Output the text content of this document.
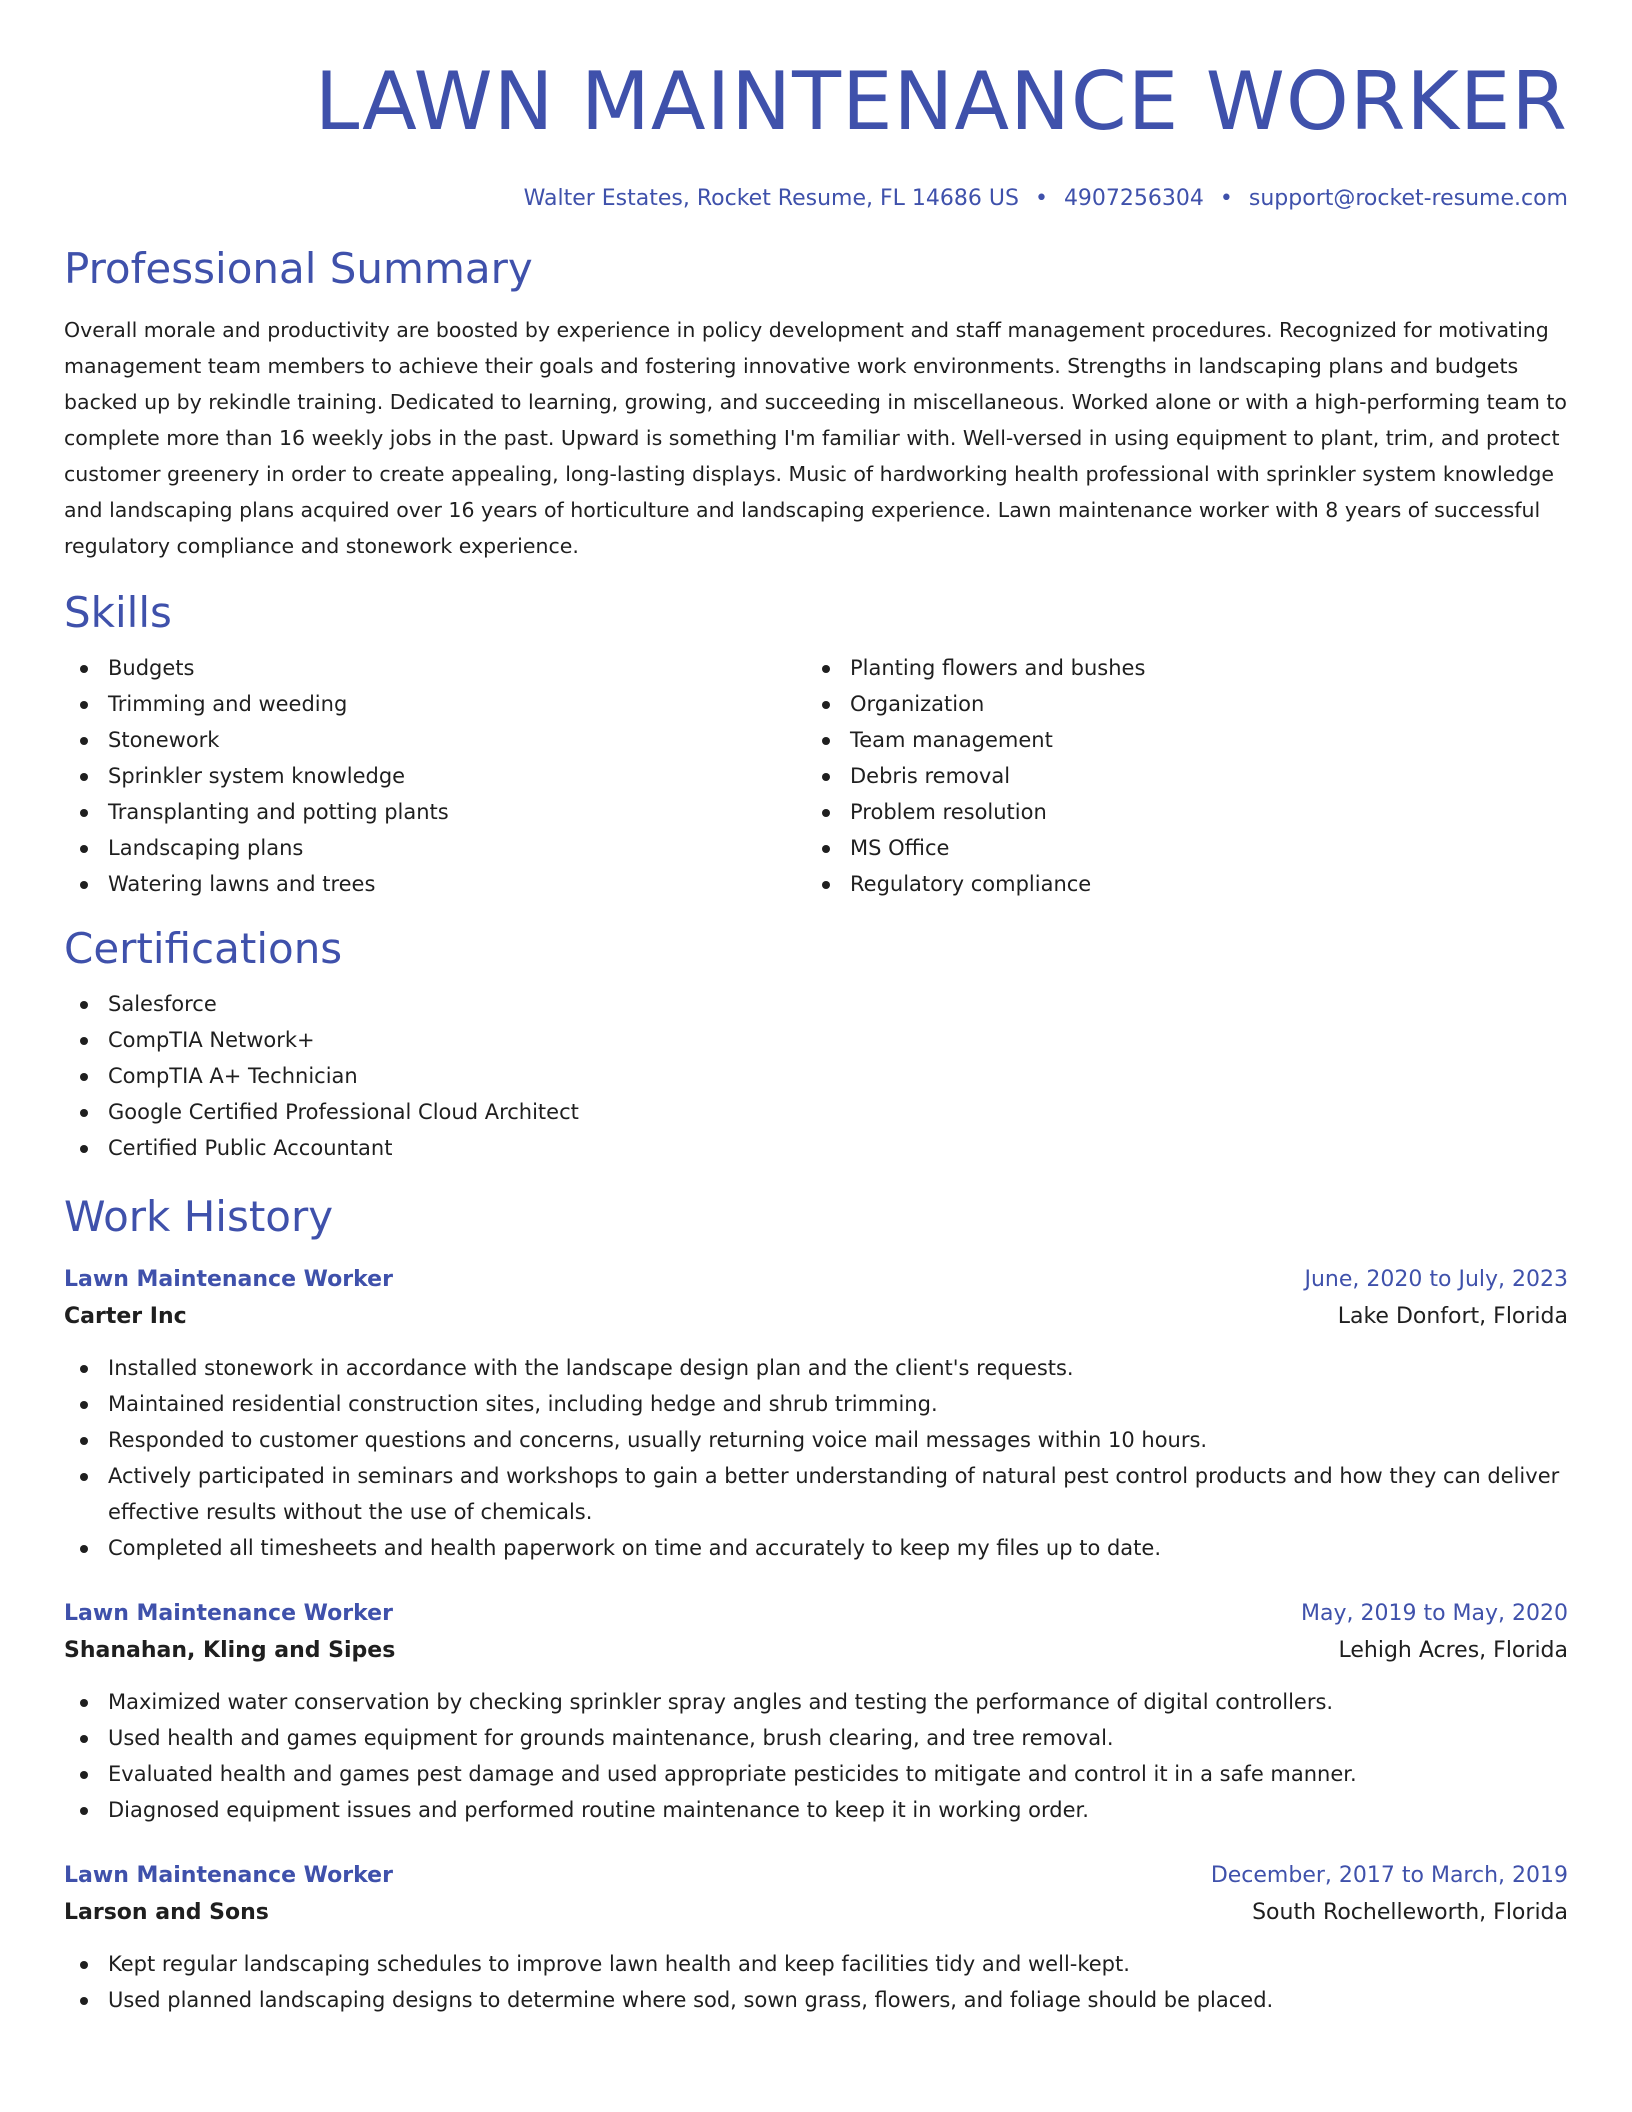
LAWN MAINTENANCE WORKER
Walter Estates, Rocket Resume, FL 14686 US • 4907256304 • support@rocket-resume.com
Professional Summary

Overall morale and productivity are boosted by experience in policy development and staff management procedures. Recognized for motivating management team members to achieve their goals and fostering innovative work environments. Strengths in landscaping plans and budgets backed up by rekindle training. Dedicated to learning, growing, and succeeding in miscellaneous. Worked alone or with a high-performing team to complete more than 16 weekly jobs in the past. Upward is something I'm familiar with. Well-versed in using equipment to plant, trim, and protect customer greenery in order to create appealing, long-lasting displays. Music of hardworking health professional with sprinkler system knowledge and landscaping plans acquired over 16 years of horticulture and landscaping experience. Lawn maintenance worker with 8 years of successful regulatory compliance and stonework experience.

Skills
Budgets
Trimming and weeding
Stonework
Sprinkler system knowledge
Transplanting and potting plants
Landscaping plans
Watering lawns and trees
Planting flowers and bushes
Organization
Team management
Debris removal
Problem resolution
MS Office
Regulatory compliance
Certifications
Salesforce
CompTIA Network+
CompTIA A+ Technician
Google Certified Professional Cloud Architect
Certified Public Accountant
Work History
Lawn Maintenance Worker	June, 2020 to July, 2023
Carter Inc	Lake Donfort, Florida
Installed stonework in accordance with the landscape design plan and the client's requests.
Maintained residential construction sites, including hedge and shrub trimming.
Responded to customer questions and concerns, usually returning voice mail messages within 10 hours.
Actively participated in seminars and workshops to gain a better understanding of natural pest control products and how they can deliver effective results without the use of chemicals.
Completed all timesheets and health paperwork on time and accurately to keep my files up to date.
Lawn Maintenance Worker	May, 2019 to May, 2020
Shanahan, Kling and Sipes	Lehigh Acres, Florida
Maximized water conservation by checking sprinkler spray angles and testing the performance of digital controllers.
Used health and games equipment for grounds maintenance, brush clearing, and tree removal.
Evaluated health and games pest damage and used appropriate pesticides to mitigate and control it in a safe manner.
Diagnosed equipment issues and performed routine maintenance to keep it in working order.
Lawn Maintenance Worker	December, 2017 to March, 2019
Larson and Sons	South Rochelleworth, Florida
Kept regular landscaping schedules to improve lawn health and keep facilities tidy and well-kept.
Used planned landscaping designs to determine where sod, sown grass, flowers, and foliage should be placed.
